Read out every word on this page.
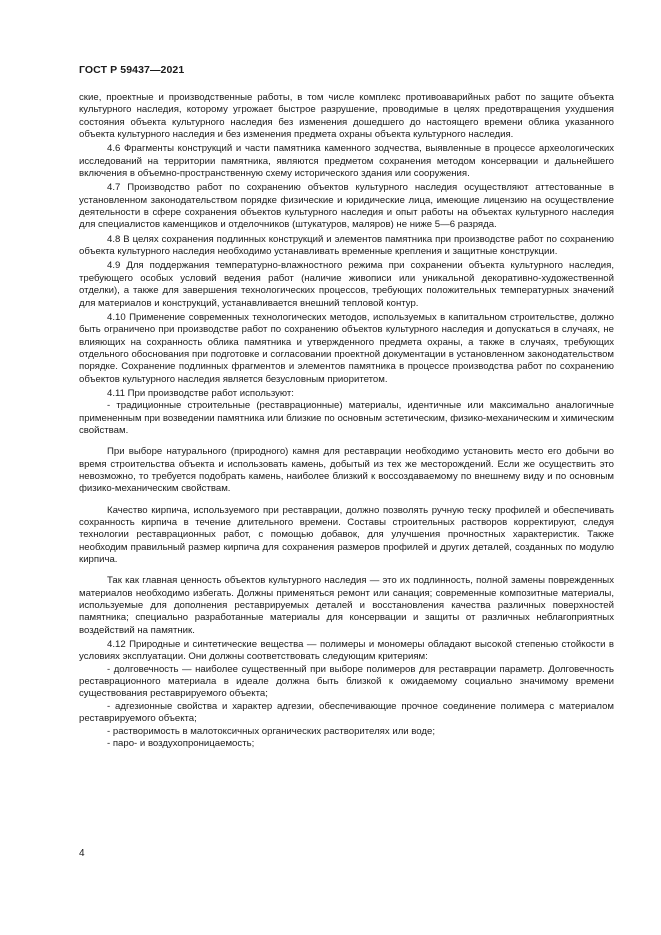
ГОСТ Р 59437—2021

ские, проектные и производственные работы, в том числе комплекс противоаварийных работ по защите объекта культурного наследия, которому угрожает быстрое разрушение, проводимые в целях предотвращения ухудшения состояния объекта культурного наследия без изменения дошедшего до настоящего времени облика указанного объекта культурного наследия и без изменения предмета охраны объекта культурного наследия.

4.6 Фрагменты конструкций и части памятника каменного зодчества, выявленные в процессе археологических исследований на территории памятника, являются предметом сохранения методом консервации и дальнейшего включения в объемно-пространственную схему исторического здания или сооружения.

4.7 Производство работ по сохранению объектов культурного наследия осуществляют аттестованные в установленном законодательством порядке физические и юридические лица, имеющие лицензию на осуществление деятельности в сфере сохранения объектов культурного наследия и опыт работы на объектах культурного наследия для специалистов каменщиков и отделочников (штукатуров, маляров) не ниже 5—6 разряда.

4.8 В целях сохранения подлинных конструкций и элементов памятника при производстве работ по сохранению объекта культурного наследия необходимо устанавливать временные крепления и защитные конструкции.

4.9 Для поддержания температурно-влажностного режима при сохранении объекта культурного наследия, требующего особых условий ведения работ (наличие живописи или уникальной декоративно-художественной отделки), а также для завершения технологических процессов, требующих положительных температурных значений для материалов и конструкций, устанавливается внешний тепловой контур.

4.10 Применение современных технологических методов, используемых в капитальном строительстве, должно быть ограничено при производстве работ по сохранению объектов культурного наследия и допускаться в случаях, не влияющих на сохранность облика памятника и утвержденного предмета охраны, а также в случаях, требующих отдельного обоснования при подготовке и согласовании проектной документации в установленном законодательством порядке. Сохранение подлинных фрагментов и элементов памятника в процессе производства работ по сохранению объектов культурного наследия является безусловным приоритетом.

4.11 При производстве работ используют:

- традиционные строительные (реставрационные) материалы, идентичные или максимально аналогичные примененным при возведении памятника или близкие по основным эстетическим, физико-механическим и химическим свойствам.

При выборе натурального (природного) камня для реставрации необходимо установить место его добычи во время строительства объекта и использовать камень, добытый из тех же месторождений. Если же осуществить это невозможно, то требуется подобрать камень, наиболее близкий к воссоздаваемому по внешнему виду и по основным физико-механическим свойствам.

Качество кирпича, используемого при реставрации, должно позволять ручную теску профилей и обеспечивать сохранность кирпича в течение длительного времени. Составы строительных растворов корректируют, следуя технологии реставрационных работ, с помощью добавок, для улучшения прочностных характеристик. Также необходим правильный размер кирпича для сохранения размеров профилей и других деталей, созданных по модулю кирпича.

Так как главная ценность объектов культурного наследия — это их подлинность, полной замены поврежденных материалов необходимо избегать. Должны применяться ремонт или санация; современные композитные материалы, используемые для дополнения реставрируемых деталей и восстановления качества различных поверхностей памятника; специально разработанные материалы для консервации и защиты от различных неблагоприятных воздействий на памятник.

4.12 Природные и синтетические вещества — полимеры и мономеры обладают высокой степенью стойкости в условиях эксплуатации. Они должны соответствовать следующим критериям:

- долговечность — наиболее существенный при выборе полимеров для реставрации параметр. Долговечность реставрационного материала в идеале должна быть близкой к ожидаемому социально значимому времени существования реставрируемого объекта;

- адгезионные свойства и характер адгезии, обеспечивающие прочное соединение полимера с материалом реставрируемого объекта;

- растворимость в малотоксичных органических растворителях или воде;

- паро- и воздухопроницаемость;

4
